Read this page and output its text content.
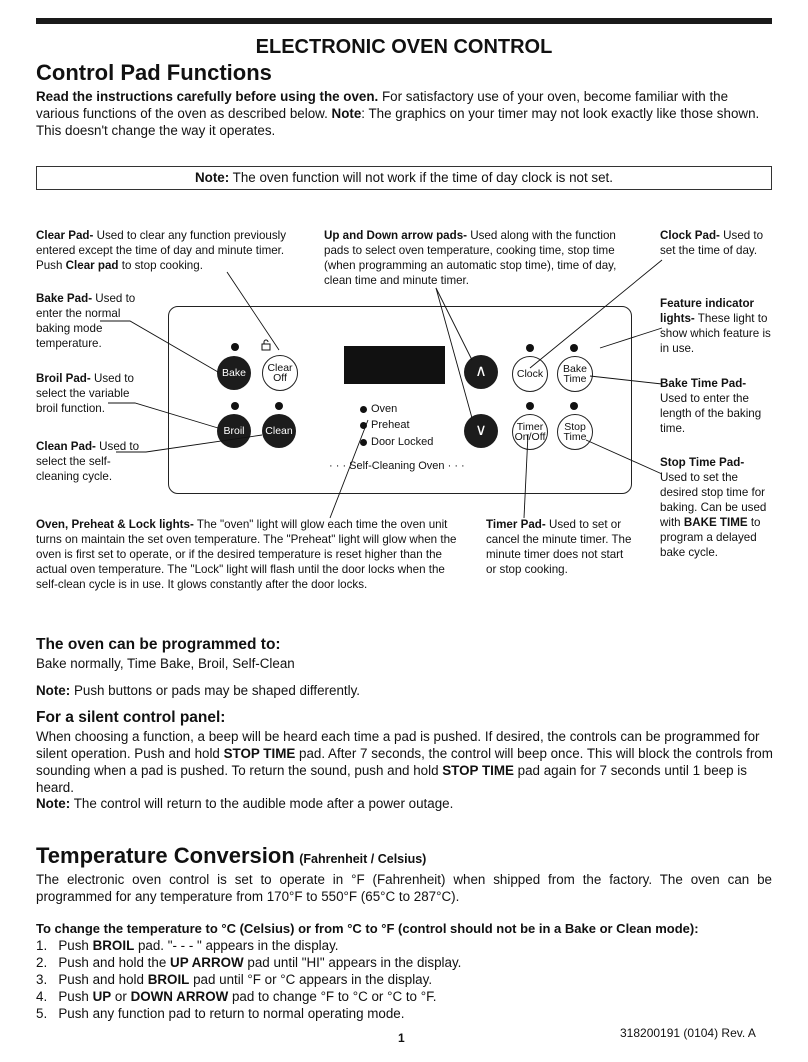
ELECTRONIC OVEN CONTROL
Control Pad Functions
Read the instructions carefully before using the oven. For satisfactory use of your oven, become familiar with the various functions of the oven as described below. Note: The graphics on your timer may not look exactly like those shown. This doesn't change the way it operates.
Note: The oven function will not work if the time of day clock is not set.
Clear Pad- Used to clear any function previously entered except the time of day and minute timer. Push Clear pad to stop cooking.
Up and Down arrow pads- Used along with the function pads to select oven temperature, cooking time, stop time (when programming an automatic stop time), time of day, clean time and minute timer.
Clock Pad- Used to set the time of day.
Bake Pad- Used to enter the normal baking mode temperature.
Feature indicator lights- These light to show which feature is in use.
Broil Pad- Used to select the variable broil function.
Bake Time Pad- Used to enter the length of the baking time.
Clean Pad- Used to select the self-cleaning cycle.
Stop Time Pad- Used to set the desired stop time for baking. Can be used with BAKE TIME to program a delayed bake cycle.
Oven, Preheat & Lock lights- The "oven" light will glow each time the oven unit turns on maintain the set oven temperature. The "Preheat" light will glow when the oven is first set to operate, or if the desired temperature is reset higher than the actual oven temperature. The "Lock" light will flash until the door locks when the self-clean cycle is in use. It glows constantly after the door locks.
Timer Pad- Used to set or cancel the minute timer. The minute timer does not start or stop cooking.
Bake	Clear Off
Broil	Clean
Oven
Preheat
Door Locked
· · · Self-Cleaning Oven · · ·
∧
∨
Clock	Bake Time
Timer On/Off
Stop Time
The oven can be programmed to:
Bake normally, Time Bake, Broil, Self-Clean
Note: Push buttons or pads may be shaped differently.
For a silent control panel:
When choosing a function, a beep will be heard each time a pad is pushed. If desired, the controls can be programmed for silent operation. Push and hold STOP TIME pad. After 7 seconds, the control will beep once. This will block the controls from sounding when a pad is pushed. To return the sound, push and hold STOP TIME pad again for 7 seconds until 1 beep is heard.
Note: The control will return to the audible mode after a power outage.
Temperature Conversion (Fahrenheit / Celsius)
The electronic oven control is set to operate in °F (Fahrenheit) when shipped from the factory. The oven can be programmed for any temperature from 170°F to 550°F (65°C to 287°C).
To change the temperature to °C (Celsius) or from °C to °F (control should not be in a Bake or Clean mode):
1. Push BROIL pad. "- - - " appears in the display.
2. Push and hold the UP ARROW pad until "HI" appears in the display.
3. Push and hold BROIL pad until °F or °C appears in the display.
4. Push UP or DOWN ARROW pad to change °F to °C or °C to °F.
5. Push any function pad to return to normal operating mode.
1	318200191 (0104) Rev. A
